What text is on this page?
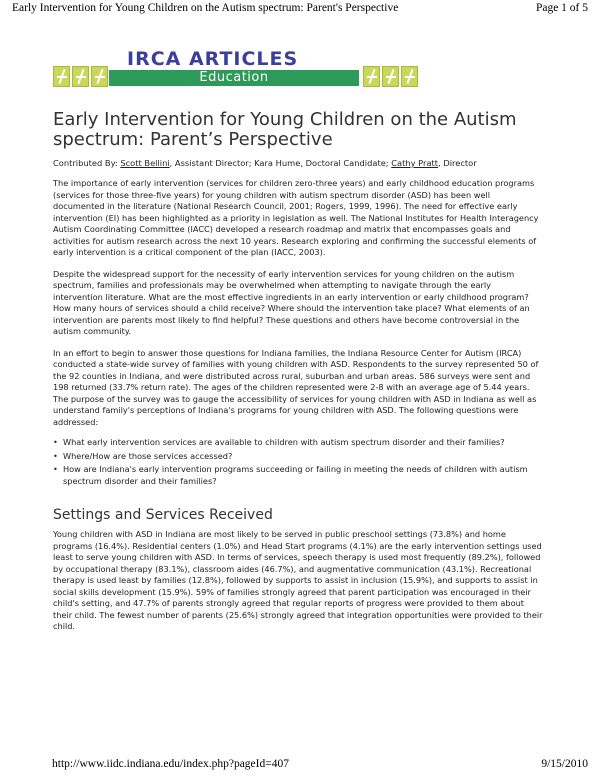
Early Intervention for Young Children on the Autism spectrum: Parent's Perspective	Page 1 of 5
IRCA ARTICLES
Education
Early Intervention for Young Children on the Autism spectrum: Parent’s Perspective
Contributed By: Scott Bellini, Assistant Director; Kara Hume, Doctoral Candidate; Cathy Pratt, Director

The importance of early intervention (services for children zero-three years) and early childhood education programs (services for those three-five years) for young children with autism spectrum disorder (ASD) has been well documented in the literature (National Research Council, 2001; Rogers, 1999, 1996). The need for effective early intervention (EI) has been highlighted as a priority in legislation as well. The National Institutes for Health Interagency Autism Coordinating Committee (IACC) developed a research roadmap and matrix that encompasses goals and activities for autism research across the next 10 years. Research exploring and confirming the successful elements of early intervention is a critical component of the plan (IACC, 2003).

Despite the widespread support for the necessity of early intervention services for young children on the autism spectrum, families and professionals may be overwhelmed when attempting to navigate through the early intervention literature. What are the most effective ingredients in an early intervention or early childhood program? How many hours of services should a child receive? Where should the intervention take place? What elements of an intervention are parents most likely to find helpful? These questions and others have become controversial in the autism community.

In an effort to begin to answer those questions for Indiana families, the Indiana Resource Center for Autism (IRCA) conducted a state-wide survey of families with young children with ASD. Respondents to the survey represented 50 of the 92 counties in Indiana, and were distributed across rural, suburban and urban areas. 586 surveys were sent and 198 returned (33.7% return rate). The ages of the children represented were 2-8 with an average age of 5.44 years. The purpose of the survey was to gauge the accessibility of services for young children with ASD in Indiana as well as understand family's perceptions of Indiana's programs for young children with ASD. The following questions were addressed:

• What early intervention services are available to children with autism spectrum disorder and their families?
• Where/How are those services accessed?
• How are Indiana's early intervention programs succeeding or failing in meeting the needs of children with autism spectrum disorder and their families?
Settings and Services Received

Young children with ASD in Indiana are most likely to be served in public preschool settings (73.8%) and home programs (16.4%). Residential centers (1.0%) and Head Start programs (4.1%) are the early intervention settings used least to serve young children with ASD. In terms of services, speech therapy is used most frequently (89.2%), followed by occupational therapy (83.1%), classroom aides (46.7%), and augmentative communication (43.1%). Recreational therapy is used least by families (12.8%), followed by supports to assist in inclusion (15.9%), and supports to assist in social skills development (15.9%). 59% of families strongly agreed that parent participation was encouraged in their child's setting, and 47.7% of parents strongly agreed that regular reports of progress were provided to them about their child. The fewest number of parents (25.6%) strongly agreed that integration opportunities were provided to their child.

http://www.iidc.indiana.edu/index.php?pageId=407	9/15/2010
